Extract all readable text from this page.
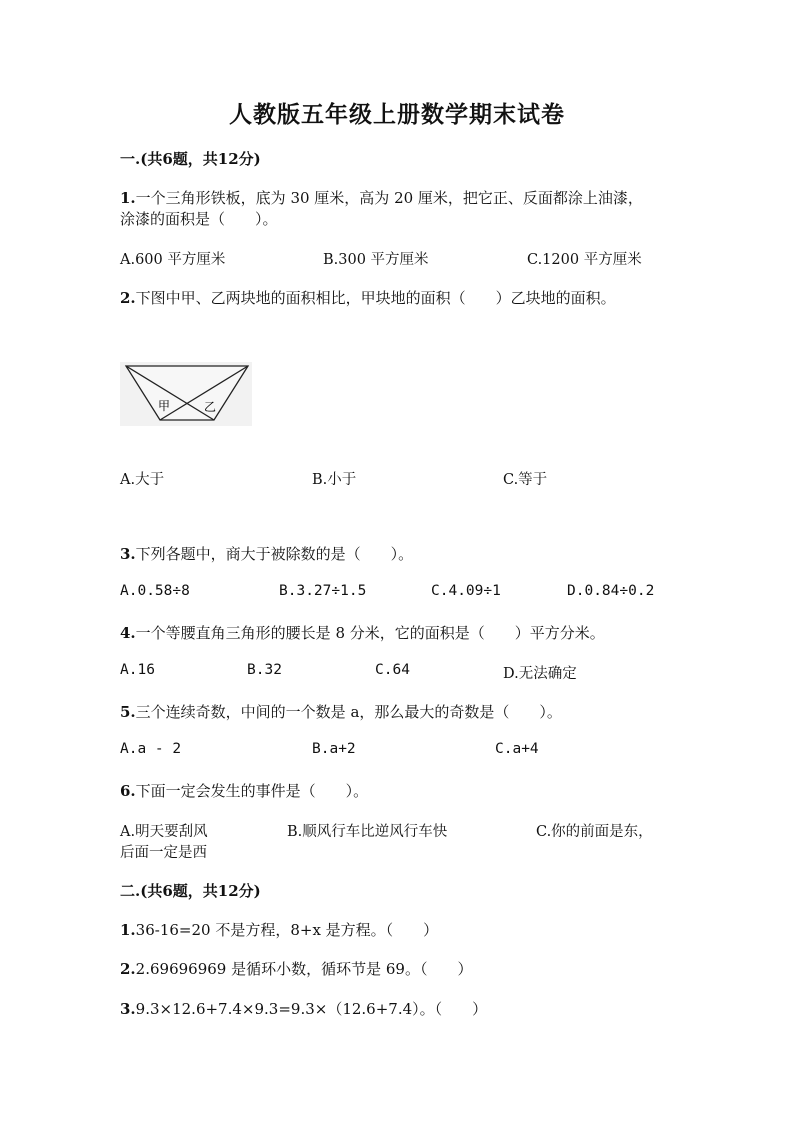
人教版五年级上册数学期末试卷
一.(共6题，共12分)
1.一个三角形铁板，底为 30 厘米，高为 20 厘米，把它正、反面都涂上油漆，
涂漆的面积是（　　）。
A.600 平方厘米	B.300 平方厘米	C.1200 平方厘米
2.下图中甲、乙两块地的面积相比，甲块地的面积（　　）乙块地的面积。
甲	乙
A.大于	B.小于	C.等于
3.下列各题中，商大于被除数的是（　　）。
A.0.58÷8	B.3.27÷1.5	C.4.09÷1	D.0.84÷0.2
4.一个等腰直角三角形的腰长是 8 分米，它的面积是（　　）平方分米。
A.16	B.32	C.64	D.无法确定
5.三个连续奇数，中间的一个数是 a，那么最大的奇数是（　　）。
A.a - 2	B.a+2	C.a+4
6.下面一定会发生的事件是（　　）。
A.明天要刮风	B.顺风行车比逆风行车快	C.你的前面是东，
后面一定是西
二.(共6题，共12分)
1.36-16=20 不是方程，8+x 是方程。（　　）
2.2.69696969 是循环小数，循环节是 69。（　　）
3.9.3×12.6+7.4×9.3=9.3×（12.6+7.4）。（　　）
